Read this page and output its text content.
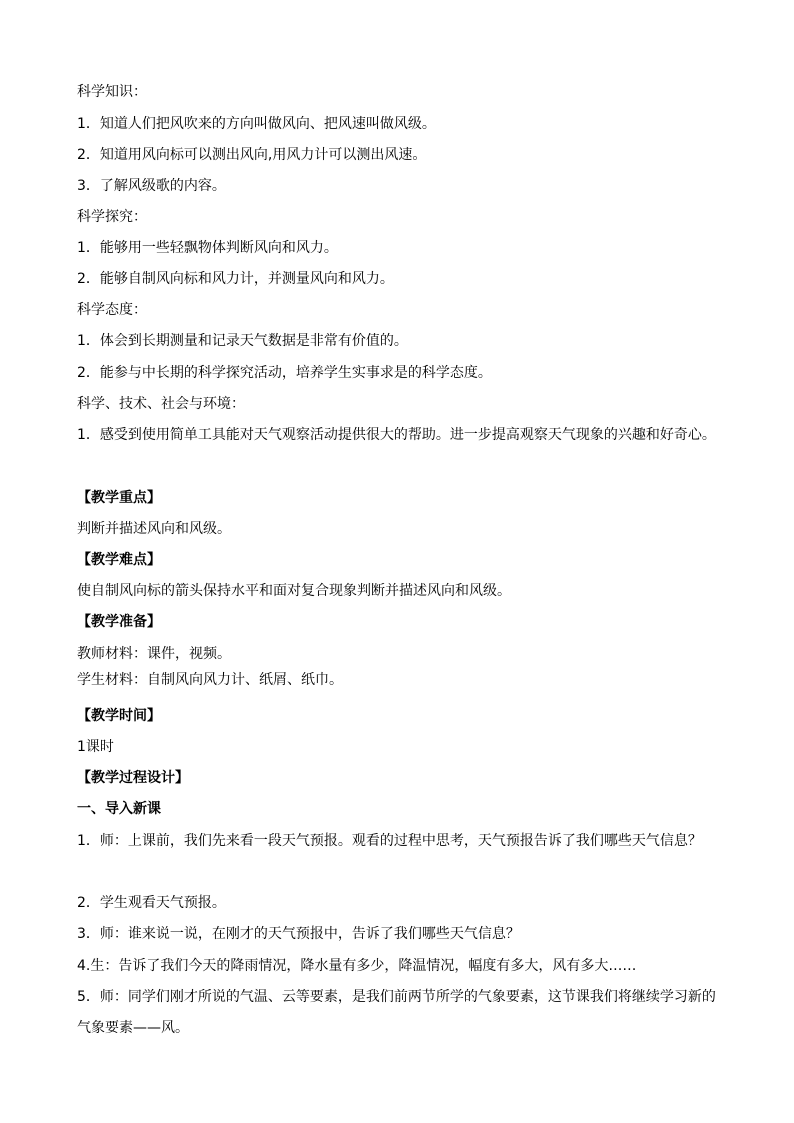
科学知识：
1．知道人们把风吹来的方向叫做风向、把风速叫做风级。
2．知道用风向标可以测出风向,用风力计可以测出风速。
3．了解风级歌的内容。
科学探究：
1．能够用一些轻飘物体判断风向和风力。
2．能够自制风向标和风力计，并测量风向和风力。
科学态度：
1．体会到长期测量和记录天气数据是非常有价值的。
2．能参与中长期的科学探究活动，培养学生实事求是的科学态度。
科学、技术、社会与环境：
1．感受到使用简单工具能对天气观察活动提供很大的帮助。进一步提高观察天气现象的兴趣和好奇心。
【教学重点】
判断并描述风向和风级。
【教学难点】
使自制风向标的箭头保持水平和面对复合现象判断并描述风向和风级。
【教学准备】
教师材料：课件，视频。
学生材料：自制风向风力计、纸屑、纸巾。
【教学时间】
1课时
【教学过程设计】
一、导入新课
1．师：上课前，我们先来看一段天气预报。观看的过程中思考，天气预报告诉了我们哪些天气信息？
2．学生观看天气预报。
3．师：谁来说一说，在刚才的天气预报中，告诉了我们哪些天气信息？
4.生：告诉了我们今天的降雨情况，降水量有多少，降温情况，幅度有多大，风有多大……
5．师：同学们刚才所说的气温、云等要素，是我们前两节所学的气象要素，这节课我们将继续学习新的气象要素——风。
